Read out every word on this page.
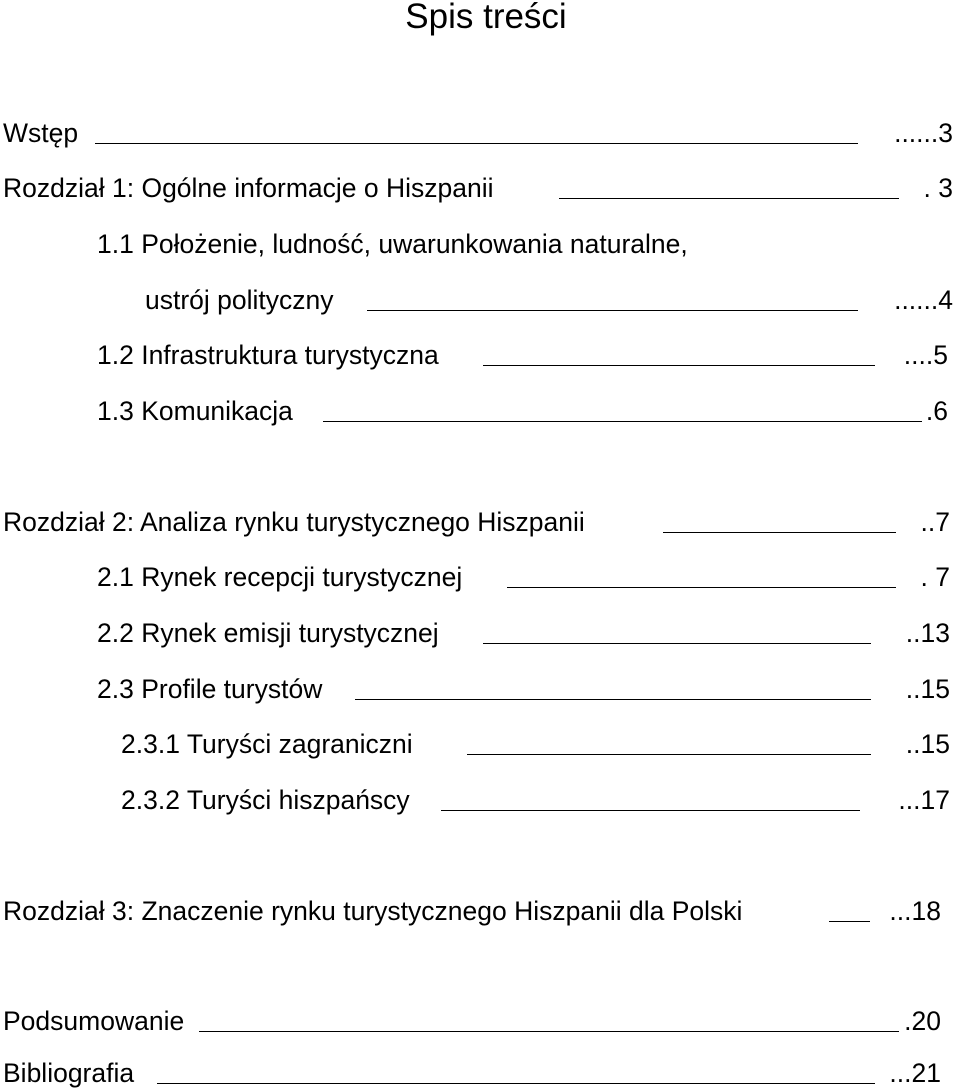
Spis treści
Wstęp	......3
Rozdział 1: Ogólne informacje o Hiszpanii	. 3
1.1 Położenie, ludność, uwarunkowania naturalne,
ustrój polityczny	......4
1.2 Infrastruktura turystyczna	....5
1.3 Komunikacja	.6
Rozdział 2: Analiza rynku turystycznego Hiszpanii	..7
2.1 Rynek recepcji turystycznej	. 7
2.2 Rynek emisji turystycznej	..13
2.3 Profile turystów	..15
2.3.1 Turyści zagraniczni	..15
2.3.2 Turyści hiszpańscy	...17
Rozdział 3: Znaczenie rynku turystycznego Hiszpanii dla Polski	...18
Podsumowanie	.20
Bibliografia	...21
